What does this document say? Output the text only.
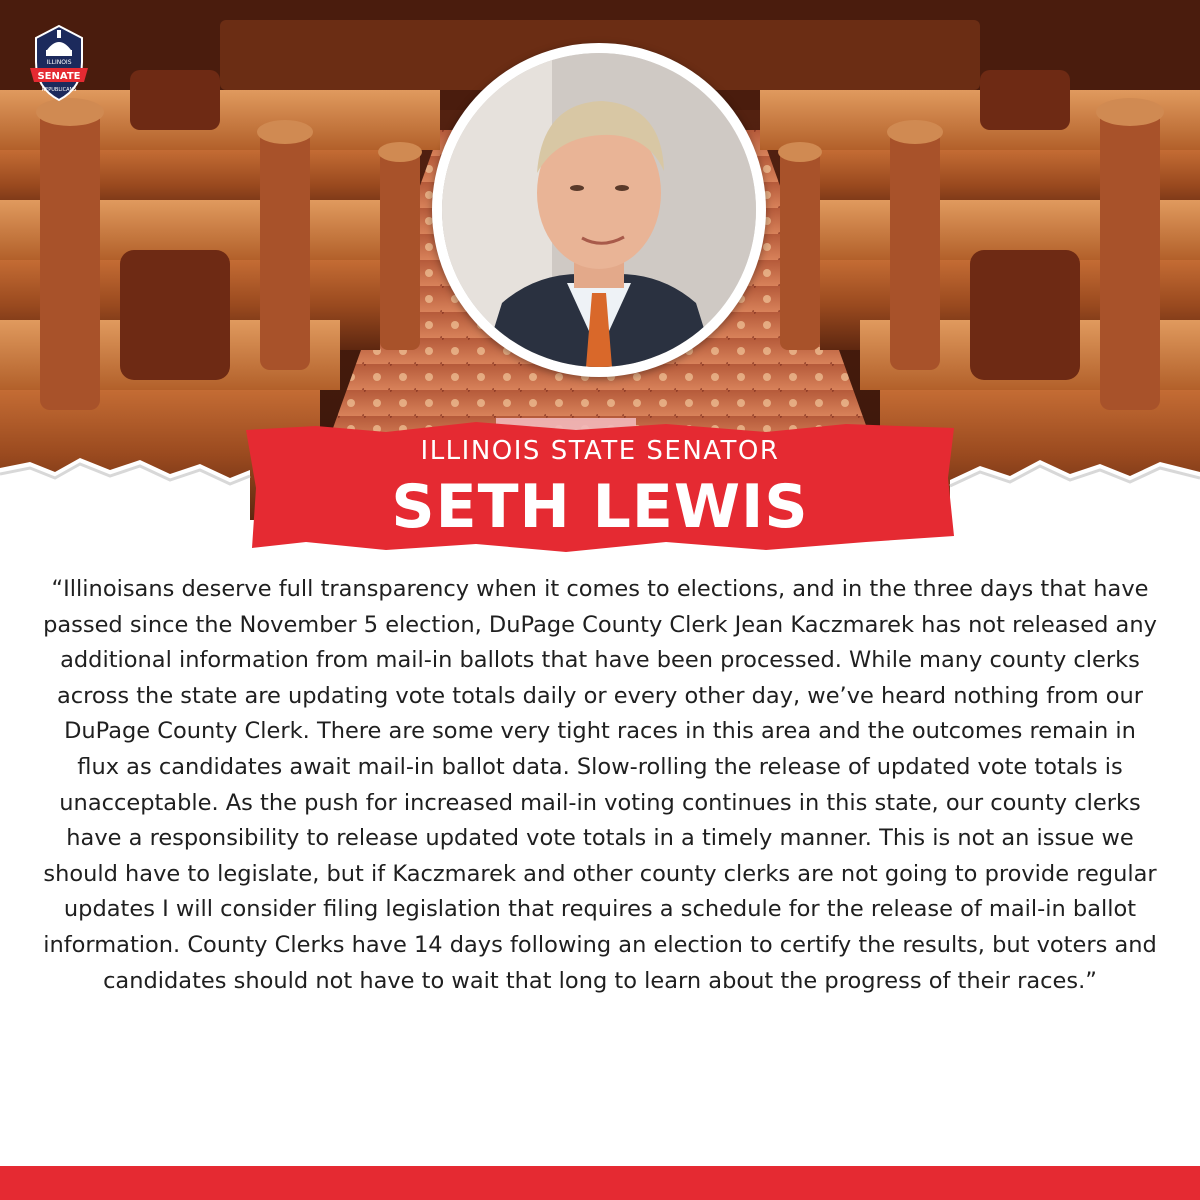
SENATE
ILLINOIS
REPUBLICANS
ILLINOIS STATE SENATOR
SETH LEWIS

“Illinoisans deserve full transparency when it comes to elections, and in the three days that have passed since the November 5 election, DuPage County Clerk Jean Kaczmarek has not released any additional information from mail-in ballots that have been processed. While many county clerks across the state are updating vote totals daily or every other day, we’ve heard nothing from our DuPage County Clerk. There are some very tight races in this area and the outcomes remain in flux as candidates await mail-in ballot data. Slow-rolling the release of updated vote totals is unacceptable. As the push for increased mail-in voting continues in this state, our county clerks have a responsibility to release updated vote totals in a timely manner. This is not an issue we should have to legislate, but if Kaczmarek and other county clerks are not going to provide regular updates I will consider filing legislation that requires a schedule for the release of mail-in ballot information. County Clerks have 14 days following an election to certify the results, but voters and candidates should not have to wait that long to learn about the progress of their races.”
